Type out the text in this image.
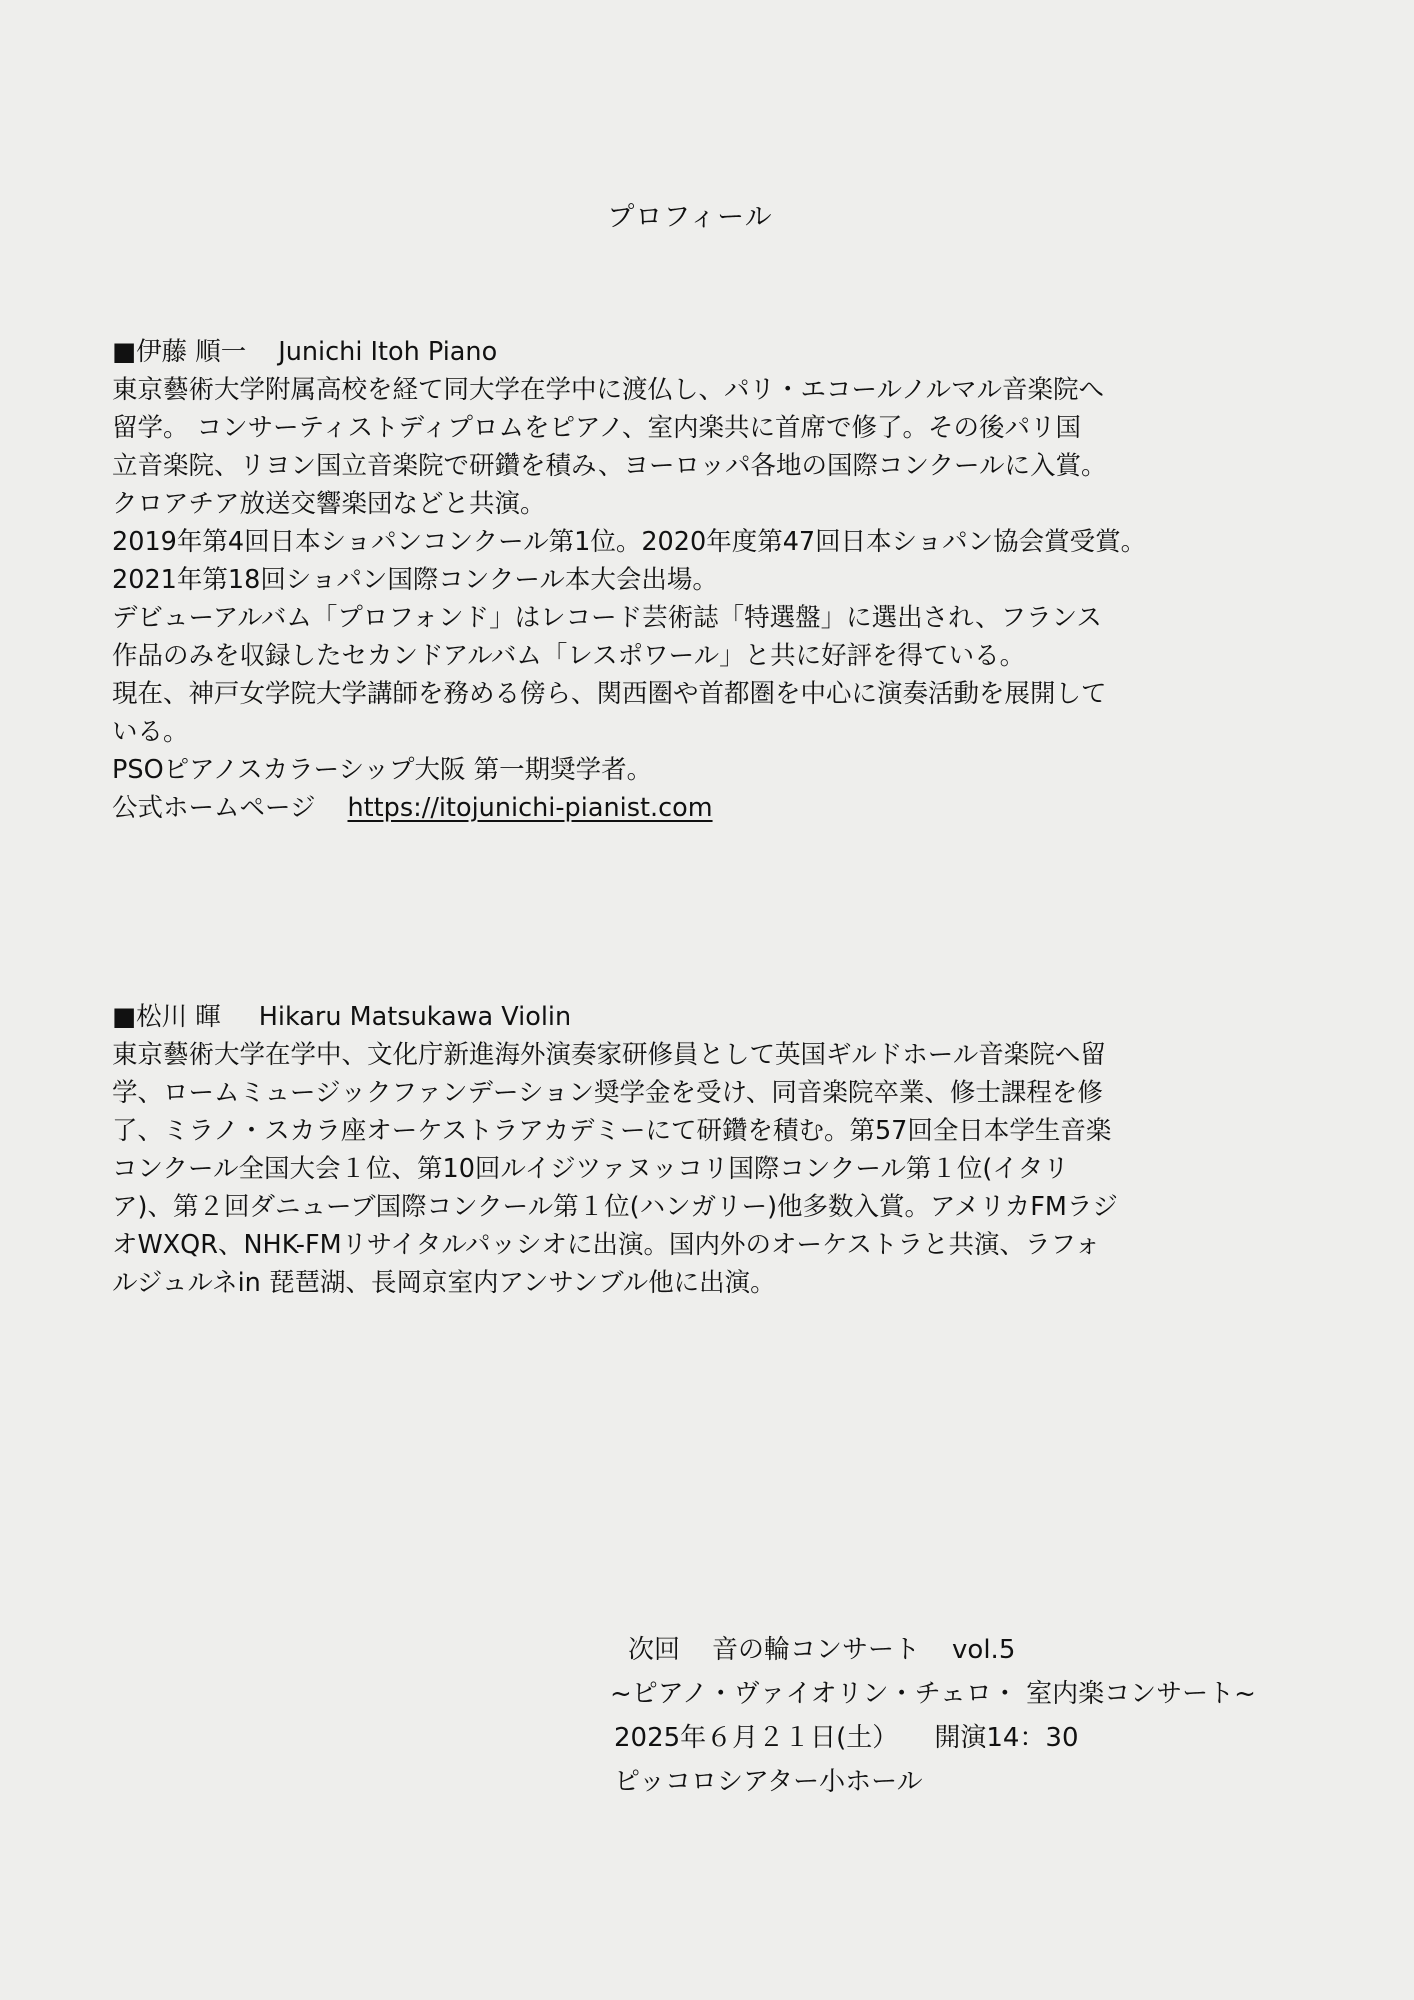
プロフィール
■伊藤 順一 Junichi Itoh Piano
東京藝術大学附属高校を経て同大学在学中に渡仏し、パリ・エコールノルマル音楽院へ
留学。 コンサーティストディプロムをピアノ、室内楽共に首席で修了。その後パリ国
立音楽院、リヨン国立音楽院で研鑽を積み、ヨーロッパ各地の国際コンクールに入賞。
クロアチア放送交響楽団などと共演。
2019年第4回日本ショパンコンクール第1位。2020年度第47回日本ショパン協会賞受賞。
2021年第18回ショパン国際コンクール本大会出場。
デビューアルバム「プロフォンド」はレコード芸術誌「特選盤」に選出され、フランス
作品のみを収録したセカンドアルバム「レスポワール」と共に好評を得ている。
現在、神戸女学院大学講師を務める傍ら、関西圏や首都圏を中心に演奏活動を展開して
いる。
PSOピアノスカラーシップ大阪 第一期奨学者。
公式ホームページ https://itojunichi-pianist.com
■松川 暉 Hikaru Matsukawa Violin
東京藝術大学在学中、文化庁新進海外演奏家研修員として英国ギルドホール音楽院へ留
学、ロームミュージックファンデーション奨学金を受け、同音楽院卒業、修士課程を修
了、ミラノ・スカラ座オーケストラアカデミーにて研鑽を積む。第57回全日本学生音楽
コンクール全国大会１位、第10回ルイジツァヌッコリ国際コンクール第１位(イタリ
ア)、第２回ダニューブ国際コンクール第１位(ハンガリー)他多数入賞。アメリカFMラジ
オWXQR、NHK-FMリサイタルパッシオに出演。国内外のオーケストラと共演、ラフォ
ルジュルネin 琵琶湖、長岡京室内アンサンブル他に出演。
次回 音の輪コンサート vol.5
~ピアノ・ヴァイオリン・チェロ・ 室内楽コンサート~
2025年６月２１日(土） 開演14：30
ピッコロシアター小ホール
